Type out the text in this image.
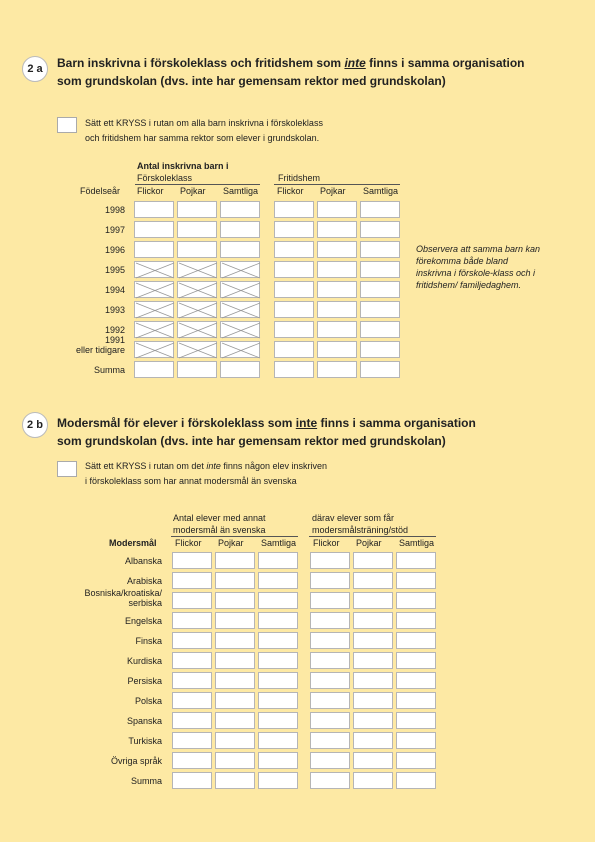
2 a	Barn inskrivna i förskoleklass och fritidshem som inte finns i samma organisation
som grundskolan (dvs. inte har gemensam rektor med grundskolan)
Sätt ett KRYSS i rutan om alla barn inskrivna i förskoleklass
och fritidshem har samma rektor som elever i grundskolan.
Antal inskrivna barn i
Förskoleklass	Fritidshem
Födelseår Flickor Pojkar Samtliga Flickor Pojkar Samtliga
1998
1997
1996
1995
1994
1993
1992
1991
eller tidigare
Summa
Observera att samma barn kan förekomma både bland inskrivna i förskole-klass och i fritidshem/ familjedaghem.
2 b	Modersmål för elever i förskoleklass som inte finns i samma organisation
som grundskolan (dvs. inte har gemensam rektor med grundskolan)
Sätt ett KRYSS i rutan om det inte finns någon elev inskriven
i förskoleklass som har annat modersmål än svenska
Antal elever med annat
modersmål än svenska
därav elever som får
modersmålsträning/stöd
Modersmål Flickor Pojkar Samtliga Flickor Pojkar Samtliga
Albanska
Arabiska
Bosniska/kroatiska/ serbiska
Engelska
Finska
Kurdiska
Persiska
Polska
Spanska
Turkiska
Övriga språk
Summa
